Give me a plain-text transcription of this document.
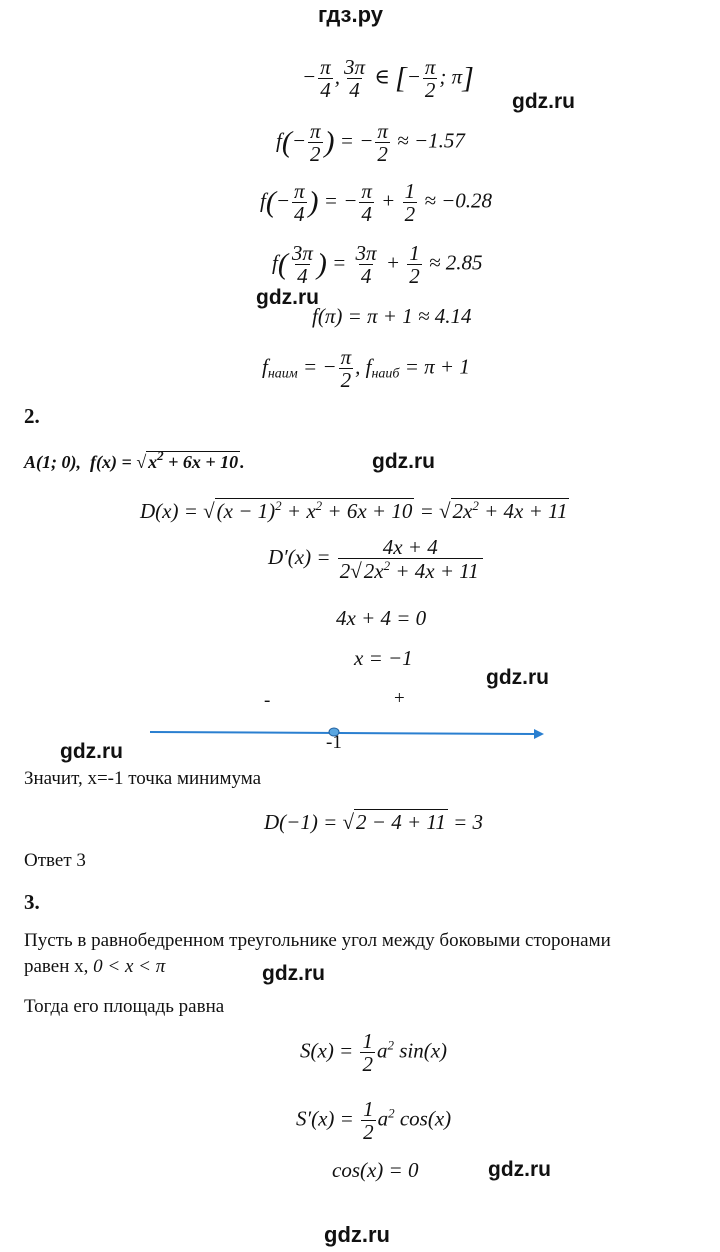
гдз.ру
− $\frac{\pi}{4}$ , $\frac{3\pi}{4}$ ∈ [− $\frac{\pi}{2}$ ; π]
gdz.ru
$f(- \frac{\pi}{2}$ ) = − $\frac{\pi}{2} \approx -1.57$
$f(- \frac{\pi}{4}$ ) = − $\frac{\pi}{4} + \frac{1}{2} \approx -0.28$
$f( \frac{3\pi}{4}$ ) = $\frac{3\pi}{4} + \frac{1}{2} \approx 2.85$
gdz.ru
f(π) = π + 1 ≈ 4.14
$f_{наим}$ = − $\frac{\pi}{2}$ , $f_{наиб} = \pi + 1$
2.
A(1; 0),  f(x) = √ $x^2 + 6x + 10$ .	gdz.ru
$D(x) = √(x - 1)^2 + x^2 + 6x + 10 = √2x^2 + 4x + 11$
$D'(x) = \frac{4x + 4}{2√2x^2 + 4x + 11}$
4x + 4 = 0
x = −1
gdz.ru
-	+
-1
gdz.ru
Значит, x=-1 точка минимума
D(−1) = √2 − 4 + 11 = 3
Ответ 3
3.
Пусть в равнобедренном треугольнике угол между боковыми сторонами
равен x, 0 < x < π	gdz.ru
Тогда его площадь равна
$S(x) = \frac{1}{2} a^2$ sin(x)
$S'(x) = \frac{1}{2} a^2$ cos(x)
cos(x) = 0	gdz.ru
gdz.ru
